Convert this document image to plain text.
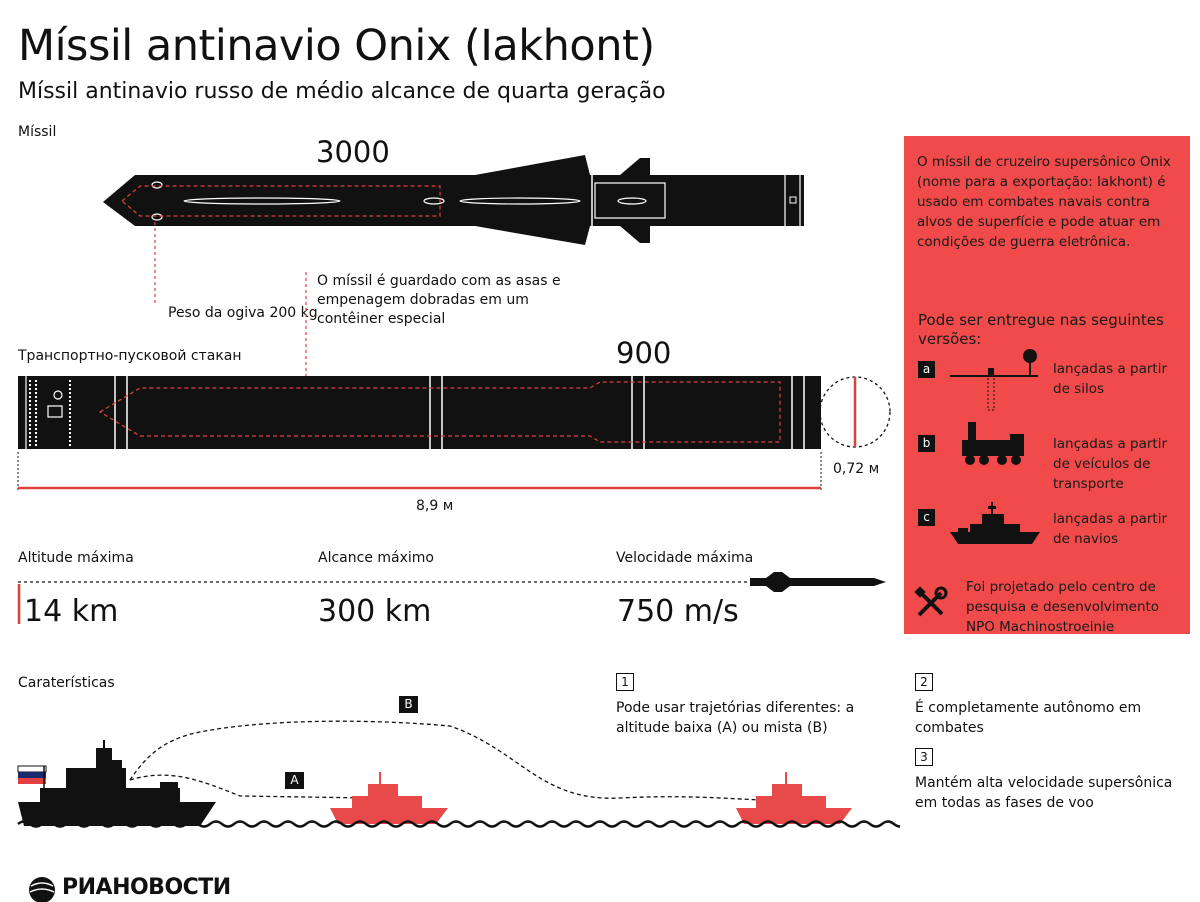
Míssil antinavio Onix (Iakhont)
Míssil antinavio russo de médio alcance de quarta geração
Míssil
3000
Peso da ogiva 200 kg
O míssil é guardado com as asas e empenagem dobradas em um contêiner especial
Транспортно-пусковой стакан	900
8,9 м
0,72 м
Altitude máxima	Alcance máximo	Velocidade máxima
14 km	300 km	750 m/s
O míssil de cruzeiro supersônico Onix (nome para a exportação: lakhont) é usado em combates navais contra alvos de superfície e pode atuar em condições de guerra eletrônica.
Pode ser entregue nas seguintes versões:
a	lançadas a partir de silos
b	lançadas a partir de veículos de transporte
c	lançadas a partir de navios
Foi projetado pelo centro de pesquisa e desenvolvimento NPO Machinostroeinie
Caraterísticas
B
A
1
Pode usar trajetórias diferentes: a altitude baixa (A) ou mista (B)
2
É completamente autônomo em combates
3
Mantém alta velocidade supersônica em todas as fases de voo
РИАНОВОСТИ
